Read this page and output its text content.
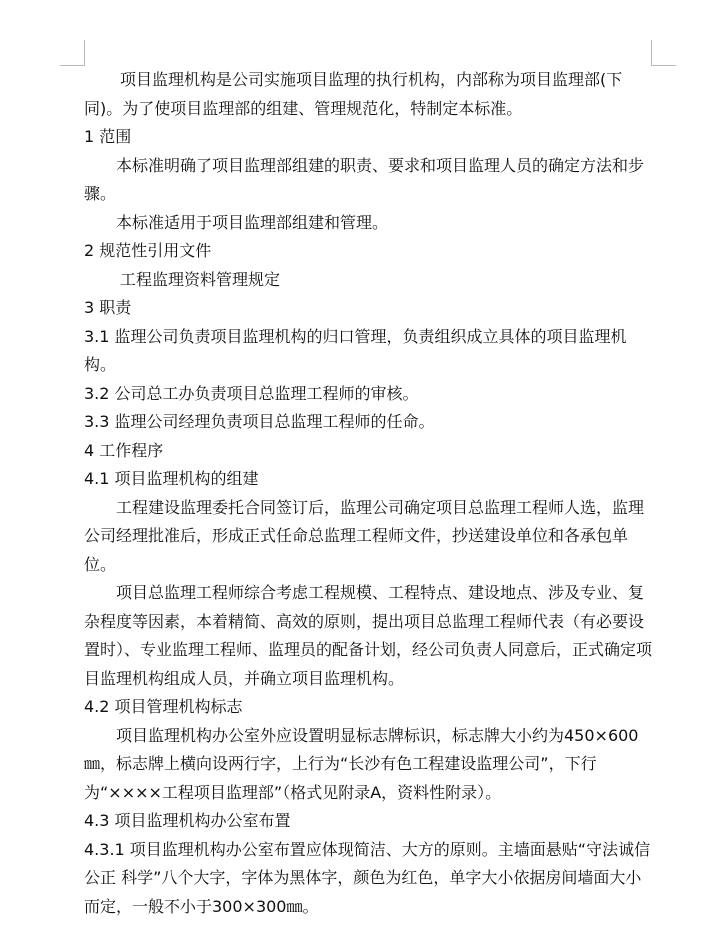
项目监理机构是公司实施项目监理的执行机构，内部称为项目监理部(下同)。为了使项目监理部的组建、管理规范化，特制定本标准。

1 范围

本标准明确了项目监理部组建的职责、要求和项目监理人员的确定方法和步骤。

本标准适用于项目监理部组建和管理。

2 规范性引用文件

工程监理资料管理规定

3 职责

3.1 监理公司负责项目监理机构的归口管理，负责组织成立具体的项目监理机构。

3.2 公司总工办负责项目总监理工程师的审核。

3.3 监理公司经理负责项目总监理工程师的任命。

4 工作程序

4.1 项目监理机构的组建

工程建设监理委托合同签订后，监理公司确定项目总监理工程师人选，监理公司经理批准后，形成正式任命总监理工程师文件，抄送建设单位和各承包单位。

项目总监理工程师综合考虑工程规模、工程特点、建设地点、涉及专业、复杂程度等因素，本着精简、高效的原则，提出项目总监理工程师代表（有必要设置时）、专业监理工程师、监理员的配备计划，经公司负责人同意后，正式确定项目监理机构组成人员，并确立项目监理机构。

4.2 项目管理机构标志

项目监理机构办公室外应设置明显标志牌标识，标志牌大小约为450×600㎜，标志牌上横向设两行字，上行为“长沙有色工程建设监理公司”，下行为“××××工程项目监理部”（格式见附录A，资料性附录）。

4.3 项目监理机构办公室布置

4.3.1 项目监理机构办公室布置应体现简洁、大方的原则。主墙面悬贴“守法诚信 公正 科学”八个大字，字体为黑体字，颜色为红色，单字大小依据房间墙面大小而定，一般不小于300×300㎜。
